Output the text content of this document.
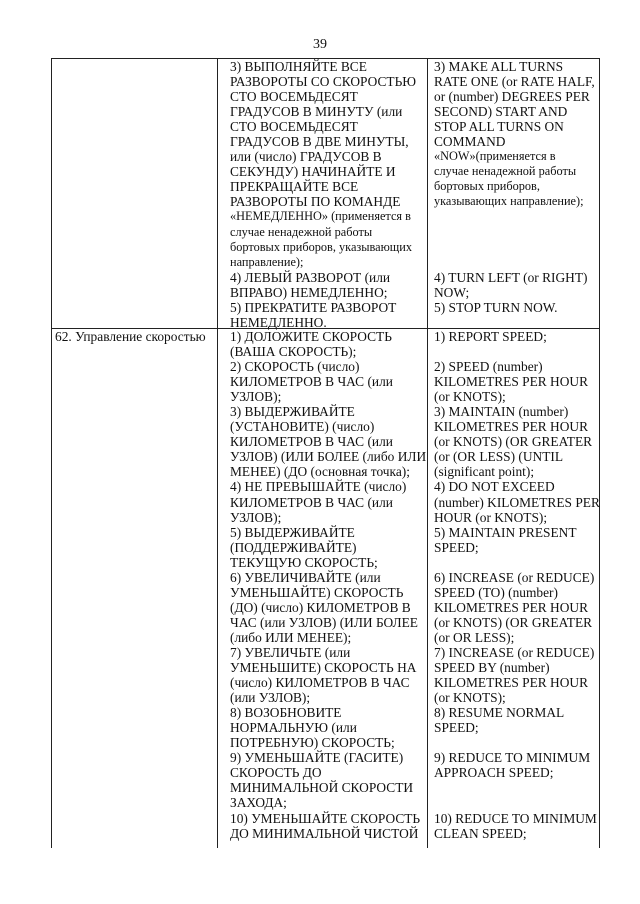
39
3) ВЫПОЛНЯЙТЕ ВСЕ
РАЗВОРОТЫ СО СКОРОСТЬЮ
СТО ВОСЕМЬДЕСЯТ
ГРАДУСОВ В МИНУТУ (или
СТО ВОСЕМЬДЕСЯТ
ГРАДУСОВ В ДВЕ МИНУТЫ,
или (число) ГРАДУСОВ В
СЕКУНДУ) НАЧИНАЙТЕ И
ПРЕКРАЩАЙТЕ ВСЕ
РАЗВОРОТЫ ПО КОМАНДЕ
«НЕМЕДЛЕННО» (применяется в
случае ненадежной работы
бортовых приборов, указывающих
направление);
4) ЛЕВЫЙ РАЗВОРОТ (или
ВПРАВО) НЕМЕДЛЕННО;
5) ПРЕКРАТИТЕ РАЗВОРОТ
НЕМЕДЛЕННО.
3) MAKE ALL TURNS
RATE ONE (or RATE HALF,
or (number) DEGREES PER
SECOND) START AND
STOP ALL TURNS ON
COMMAND
«NOW»(применяется в
случае ненадежной работы
бортовых приборов,
указывающих направление);

4) TURN LEFT (or RIGHT)
NOW;
5) STOP TURN NOW.
62. Управление скоростью	1) ДОЛОЖИТЕ СКОРОСТЬ
(ВАША СКОРОСТЬ);
2) СКОРОСТЬ (число)
КИЛОМЕТРОВ В ЧАС (или
УЗЛОВ);
3) ВЫДЕРЖИВАЙТЕ
(УСТАНОВИТЕ) (число)
КИЛОМЕТРОВ В ЧАС (или
УЗЛОВ) (ИЛИ БОЛЕЕ (либо ИЛИ
МЕНЕЕ) (ДО (основная точка);
4) НЕ ПРЕВЫШАЙТЕ (число)
КИЛОМЕТРОВ В ЧАС (или
УЗЛОВ);
5) ВЫДЕРЖИВАЙТЕ
(ПОДДЕРЖИВАЙТЕ)
ТЕКУЩУЮ СКОРОСТЬ;
6) УВЕЛИЧИВАЙТЕ (или
УМЕНЬШАЙТЕ) СКОРОСТЬ
(ДО) (число) КИЛОМЕТРОВ В
ЧАС (или УЗЛОВ) (ИЛИ БОЛЕЕ
(либо ИЛИ МЕНЕЕ);
7) УВЕЛИЧЬТЕ (или
УМЕНЬШИТЕ) СКОРОСТЬ НА
(число) КИЛОМЕТРОВ В ЧАС
(или УЗЛОВ);
8) ВОЗОБНОВИТЕ
НОРМАЛЬНУЮ (или
ПОТРЕБНУЮ) СКОРОСТЬ;
9) УМЕНЬШАЙТЕ (ГАСИТЕ)
СКОРОСТЬ ДО
МИНИМАЛЬНОЙ СКОРОСТИ
ЗАХОДА;
10) УМЕНЬШАЙТЕ СКОРОСТЬ
ДО МИНИМАЛЬНОЙ ЧИСТОЙ
1) REPORT SPEED;

2) SPEED (number)
KILOMETRES PER HOUR
(or KNOTS);
3) MAINTAIN (number)
KILOMETRES PER HOUR
(or KNOTS) (OR GREATER
(or (OR LESS) (UNTIL
(significant point);
4) DO NOT EXCEED
(number) KILOMETRES PER
HOUR (or KNOTS);
5) MAINTAIN PRESENT
SPEED;

6) INCREASE (or REDUCE)
SPEED (TO) (number)
KILOMETRES PER HOUR
(or KNOTS) (OR GREATER
(or OR LESS);
7) INCREASE (or REDUCE)
SPEED BY (number)
KILOMETRES PER HOUR
(or KNOTS);
8) RESUME NORMAL
SPEED;

9) REDUCE TO MINIMUM
APPROACH SPEED;

10) REDUCE TO MINIMUM
CLEAN SPEED;
